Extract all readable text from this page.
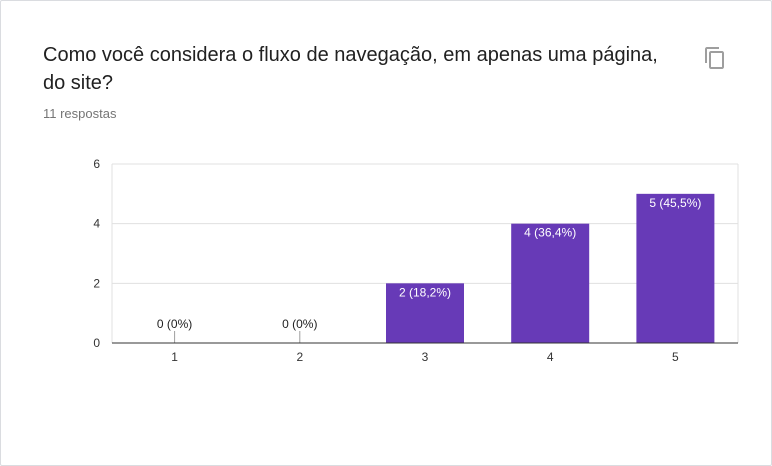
Como você considera o fluxo de navegação, em apenas uma página, do site?
11 respostas
0
2
4
6
0 (0%)
1
0 (0%)
2
2 (18,2%)
3
4 (36,4%)
4
5 (45,5%)
5
